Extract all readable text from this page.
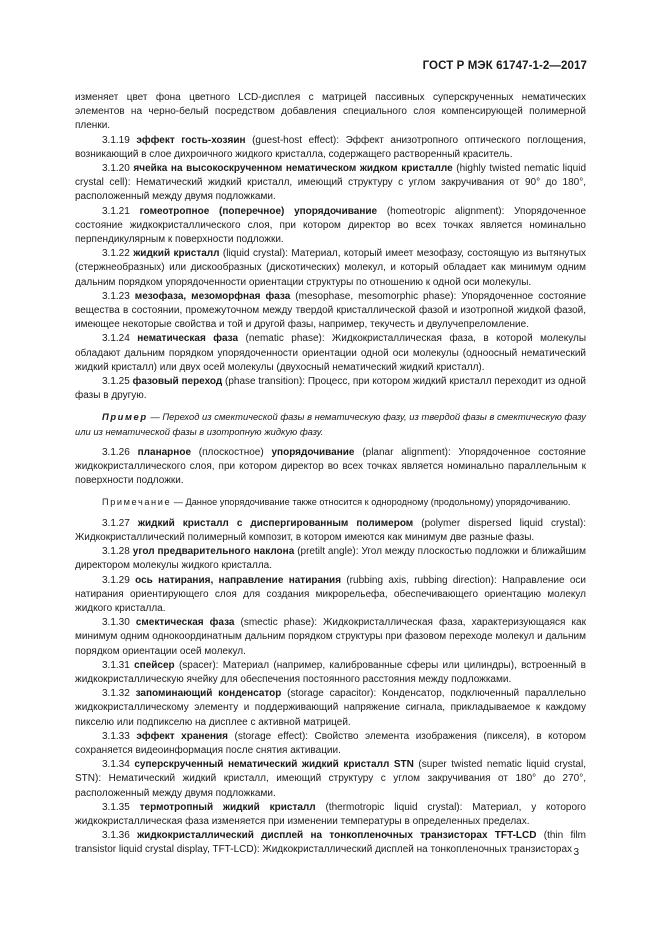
ГОСТ Р МЭК 61747-1-2—2017

изменяет цвет фона цветного LCD-дисплея с матрицей пассивных суперскрученных нематических элементов на черно-белый посредством добавления специального слоя компенсирующей полимерной пленки.

3.1.19 эффект гость-хозяин (guest-host effect): Эффект анизотропного оптического поглощения, возникающий в слое дихроичного жидкого кристалла, содержащего растворенный краситель.

3.1.20 ячейка на высокоскрученном нематическом жидком кристалле (highly twisted nematic liquid crystal cell): Нематический жидкий кристалл, имеющий структуру с углом закручивания от 90° до 180°, расположенный между двумя подложками.

3.1.21 гомеотропное (поперечное) упорядочивание (homeotropic alignment): Упорядоченное состояние жидкокристаллического слоя, при котором директор во всех точках является номинально перпендикулярным к поверхности подложки.

3.1.22 жидкий кристалл (liquid crystal): Материал, который имеет мезофазу, состоящую из вытянутых (стержнеобразных) или дискообразных (дискотических) молекул, и который обладает как минимум одним дальним порядком упорядоченности ориентации структуры по отношению к одной оси молекулы.

3.1.23 мезофаза, мезоморфная фаза (mesophase, mesomorphic phase): Упорядоченное состояние вещества в состоянии, промежуточном между твердой кристаллической фазой и изотропной жидкой фазой, имеющее некоторые свойства и той и другой фазы, например, текучесть и двулучепреломление.

3.1.24 нематическая фаза (nematic phase): Жидкокристаллическая фаза, в которой молекулы обладают дальним порядком упорядоченности ориентации одной оси молекулы (одноосный нематический жидкий кристалл) или двух осей молекулы (двухосный нематический жидкий кристалл).

3.1.25 фазовый переход (phase transition): Процесс, при котором жидкий кристалл переходит из одной фазы в другую.

Пример — Переход из смектической фазы в нематическую фазу, из твердой фазы в смектическую фазу или из нематической фазы в изотропную жидкую фазу.

3.1.26 планарное (плоскостное) упорядочивание (planar alignment): Упорядоченное состояние жидкокристаллического слоя, при котором директор во всех точках является номинально параллельным к поверхности подложки.

Примечание — Данное упорядочивание также относится к однородному (продольному) упорядочиванию.

3.1.27 жидкий кристалл с диспергированным полимером (polymer dispersed liquid crystal): Жидкокристаллический полимерный композит, в котором имеются как минимум две разные фазы.

3.1.28 угол предварительного наклона (pretilt angle): Угол между плоскостью подложки и ближайшим директором молекулы жидкого кристалла.

3.1.29 ось натирания, направление натирания (rubbing axis, rubbing direction): Направление оси натирания ориентирующего слоя для создания микрорельефа, обеспечивающего ориентацию молекул жидкого кристалла.

3.1.30 смектическая фаза (smectic phase): Жидкокристаллическая фаза, характеризующаяся как минимум одним однокоординатным дальним порядком структуры при фазовом переходе молекул и дальним порядком ориентации осей молекул.

3.1.31 спейсер (spacer): Материал (например, калиброванные сферы или цилиндры), встроенный в жидкокристаллическую ячейку для обеспечения постоянного расстояния между подложками.

3.1.32 запоминающий конденсатор (storage capacitor): Конденсатор, подключенный параллельно жидкокристаллическому элементу и поддерживающий напряжение сигнала, прикладываемое к каждому пикселю или подпикселю на дисплее с активной матрицей.

3.1.33 эффект хранения (storage effect): Свойство элемента изображения (пикселя), в котором сохраняется видеоинформация после снятия активации.

3.1.34 суперскрученный нематический жидкий кристалл STN (super twisted nematic liquid crystal, STN): Нематический жидкий кристалл, имеющий структуру с углом закручивания от 180° до 270°, расположенный между двумя подложками.

3.1.35 термотропный жидкий кристалл (thermotropic liquid crystal): Материал, у которого жидкокристаллическая фаза изменяется при изменении температуры в определенных пределах.

3.1.36 жидкокристаллический дисплей на тонкопленочных транзисторах TFT-LCD (thin film transistor liquid crystal display, TFT-LCD): Жидкокристаллический дисплей на тонкопленочных транзисторах 3
